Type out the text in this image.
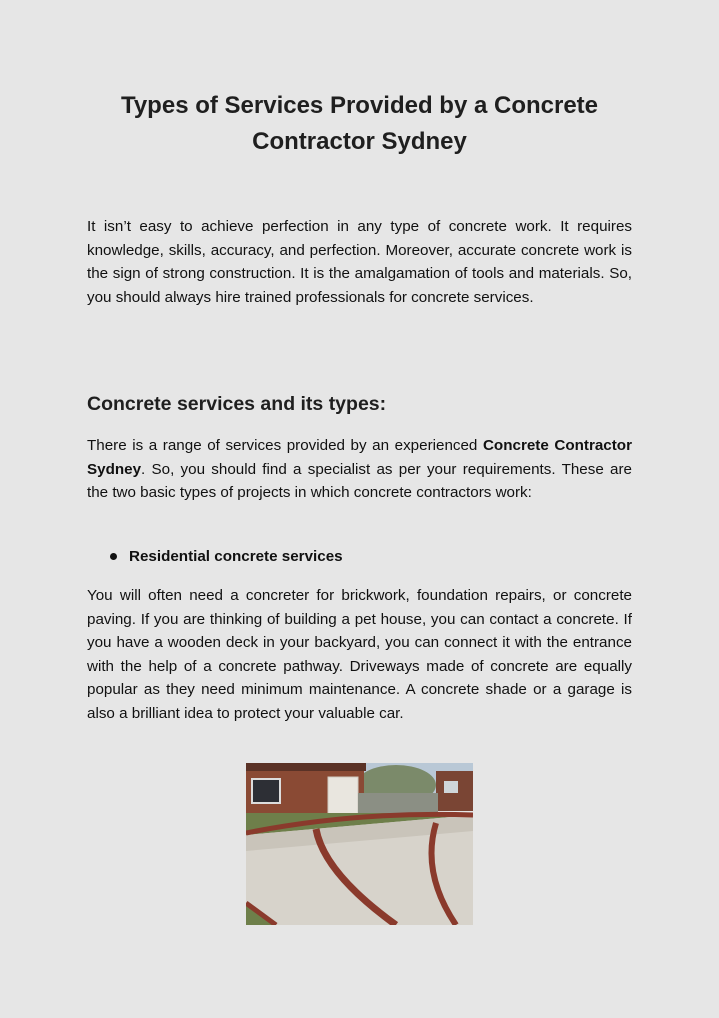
Types of Services Provided by a Concrete
Contractor Sydney

It isn’t easy to achieve perfection in any type of concrete work. It requires knowledge, skills, accuracy, and perfection. Moreover, accurate concrete work is the sign of strong construction. It is the amalgamation of tools and materials. So, you should always hire trained professionals for concrete services.

Concrete services and its types:

There is a range of services provided by an experienced Concrete Contractor Sydney. So, you should find a specialist as per your requirements. These are the two basic types of projects in which concrete contractors work:

Residential concrete services

You will often need a concreter for brickwork, foundation repairs, or concrete paving. If you are thinking of building a pet house, you can contact a concrete. If you have a wooden deck in your backyard, you can connect it with the entrance with the help of a concrete pathway. Driveways made of concrete are equally popular as they need minimum maintenance. A concrete shade or a garage is also a brilliant idea to protect your valuable car.
